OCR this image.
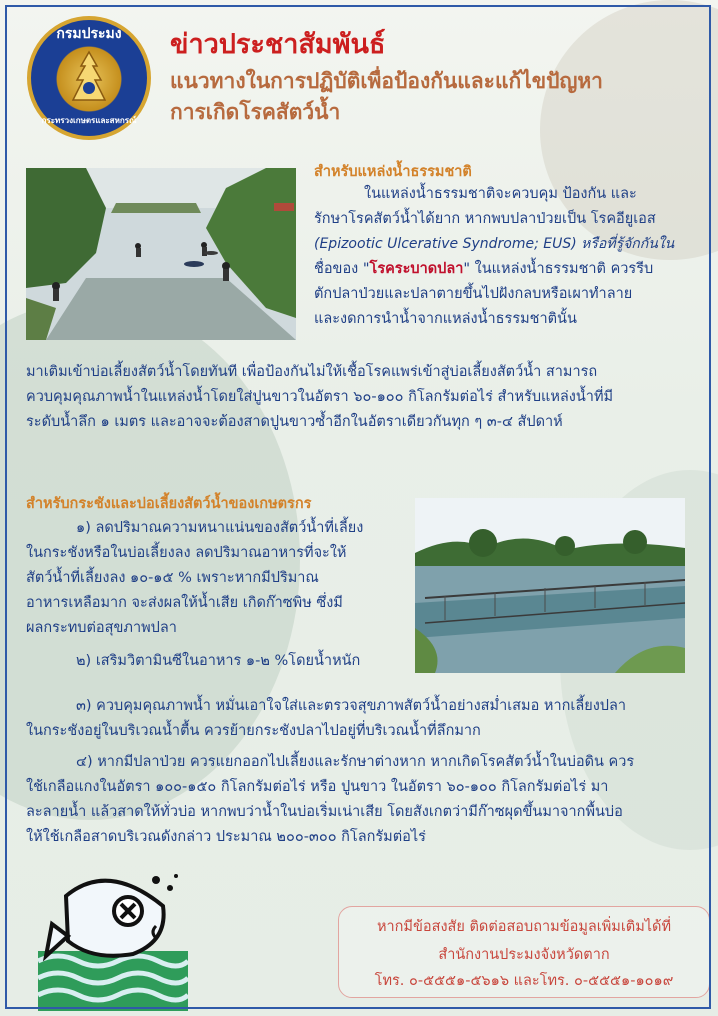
กรมประมง
กระทรวงเกษตรและสหกรณ์
ข่าวประชาสัมพันธ์
แนวทางในการปฏิบัติเพื่อป้องกันและแก้ไขปัญหา
การเกิดโรคสัตว์น้ำ
สำหรับแหล่งน้ำธรรมชาติ
ในแหล่งน้ำธรรมชาติจะควบคุม ป้องกัน และ
รักษาโรคสัตว์น้ำได้ยาก หากพบปลาป่วยเป็น โรคอียูเอส
(Epizootic Ulcerative Syndrome; EUS) หรือที่รู้จักกันใน
ชื่อของ "โรคระบาดปลา" ในแหล่งน้ำธรรมชาติ ควรรีบ
ตักปลาป่วยและปลาตายขึ้นไปฝังกลบหรือเผาทำลาย
และงดการนำน้ำจากแหล่งน้ำธรรมชาตินั้น
มาเติมเข้าบ่อเลี้ยงสัตว์น้ำโดยทันที เพื่อป้องกันไม่ให้เชื้อโรคแพร่เข้าสู่บ่อเลี้ยงสัตว์น้ำ สามารถ
ควบคุมคุณภาพน้ำในแหล่งน้ำโดยใส่ปูนขาวในอัตรา ๖๐-๑๐๐ กิโลกรัมต่อไร่ สำหรับแหล่งน้ำที่มี
ระดับน้ำลึก ๑ เมตร และอาจจะต้องสาดปูนขาวซ้ำอีกในอัตราเดียวกันทุก ๆ ๓-๔ สัปดาห์
สำหรับกระชังและบ่อเลี้ยงสัตว์น้ำของเกษตรกร
๑) ลดปริมาณความหนาแน่นของสัตว์น้ำที่เลี้ยง
ในกระชังหรือในบ่อเลี้ยงลง ลดปริมาณอาหารที่จะให้
สัตว์น้ำที่เลี้ยงลง ๑๐-๑๕ % เพราะหากมีปริมาณ
อาหารเหลือมาก จะส่งผลให้น้ำเสีย เกิดก๊าซพิษ ซึ่งมี
ผลกระทบต่อสุขภาพปลา
๒) เสริมวิตามินซีในอาหาร ๑-๒ %โดยน้ำหนัก
๓) ควบคุมคุณภาพน้ำ หมั่นเอาใจใส่และตรวจสุขภาพสัตว์น้ำอย่างสม่ำเสมอ หากเลี้ยงปลา
ในกระชังอยู่ในบริเวณน้ำตื้น ควรย้ายกระชังปลาไปอยู่ที่บริเวณน้ำที่ลึกมาก
๔) หากมีปลาป่วย ควรแยกออกไปเลี้ยงและรักษาต่างหาก หากเกิดโรคสัตว์น้ำในบ่อดิน ควร
ใช้เกลือแกงในอัตรา ๑๐๐-๑๕๐ กิโลกรัมต่อไร่ หรือ ปูนขาว ในอัตรา ๖๐-๑๐๐ กิโลกรัมต่อไร่ มา
ละลายน้ำ แล้วสาดให้ทั่วบ่อ หากพบว่าน้ำในบ่อเริ่มเน่าเสีย โดยสังเกตว่ามีก๊าซผุดขึ้นมาจากพื้นบ่อ
ให้ใช้เกลือสาดบริเวณดังกล่าว ประมาณ ๒๐๐-๓๐๐ กิโลกรัมต่อไร่
หากมีข้อสงสัย ติดต่อสอบถามข้อมูลเพิ่มเติมได้ที่
สำนักงานประมงจังหวัดตาก
โทร. ๐-๕๕๕๑-๕๖๑๖ และโทร. ๐-๕๕๕๑-๑๐๑๙
